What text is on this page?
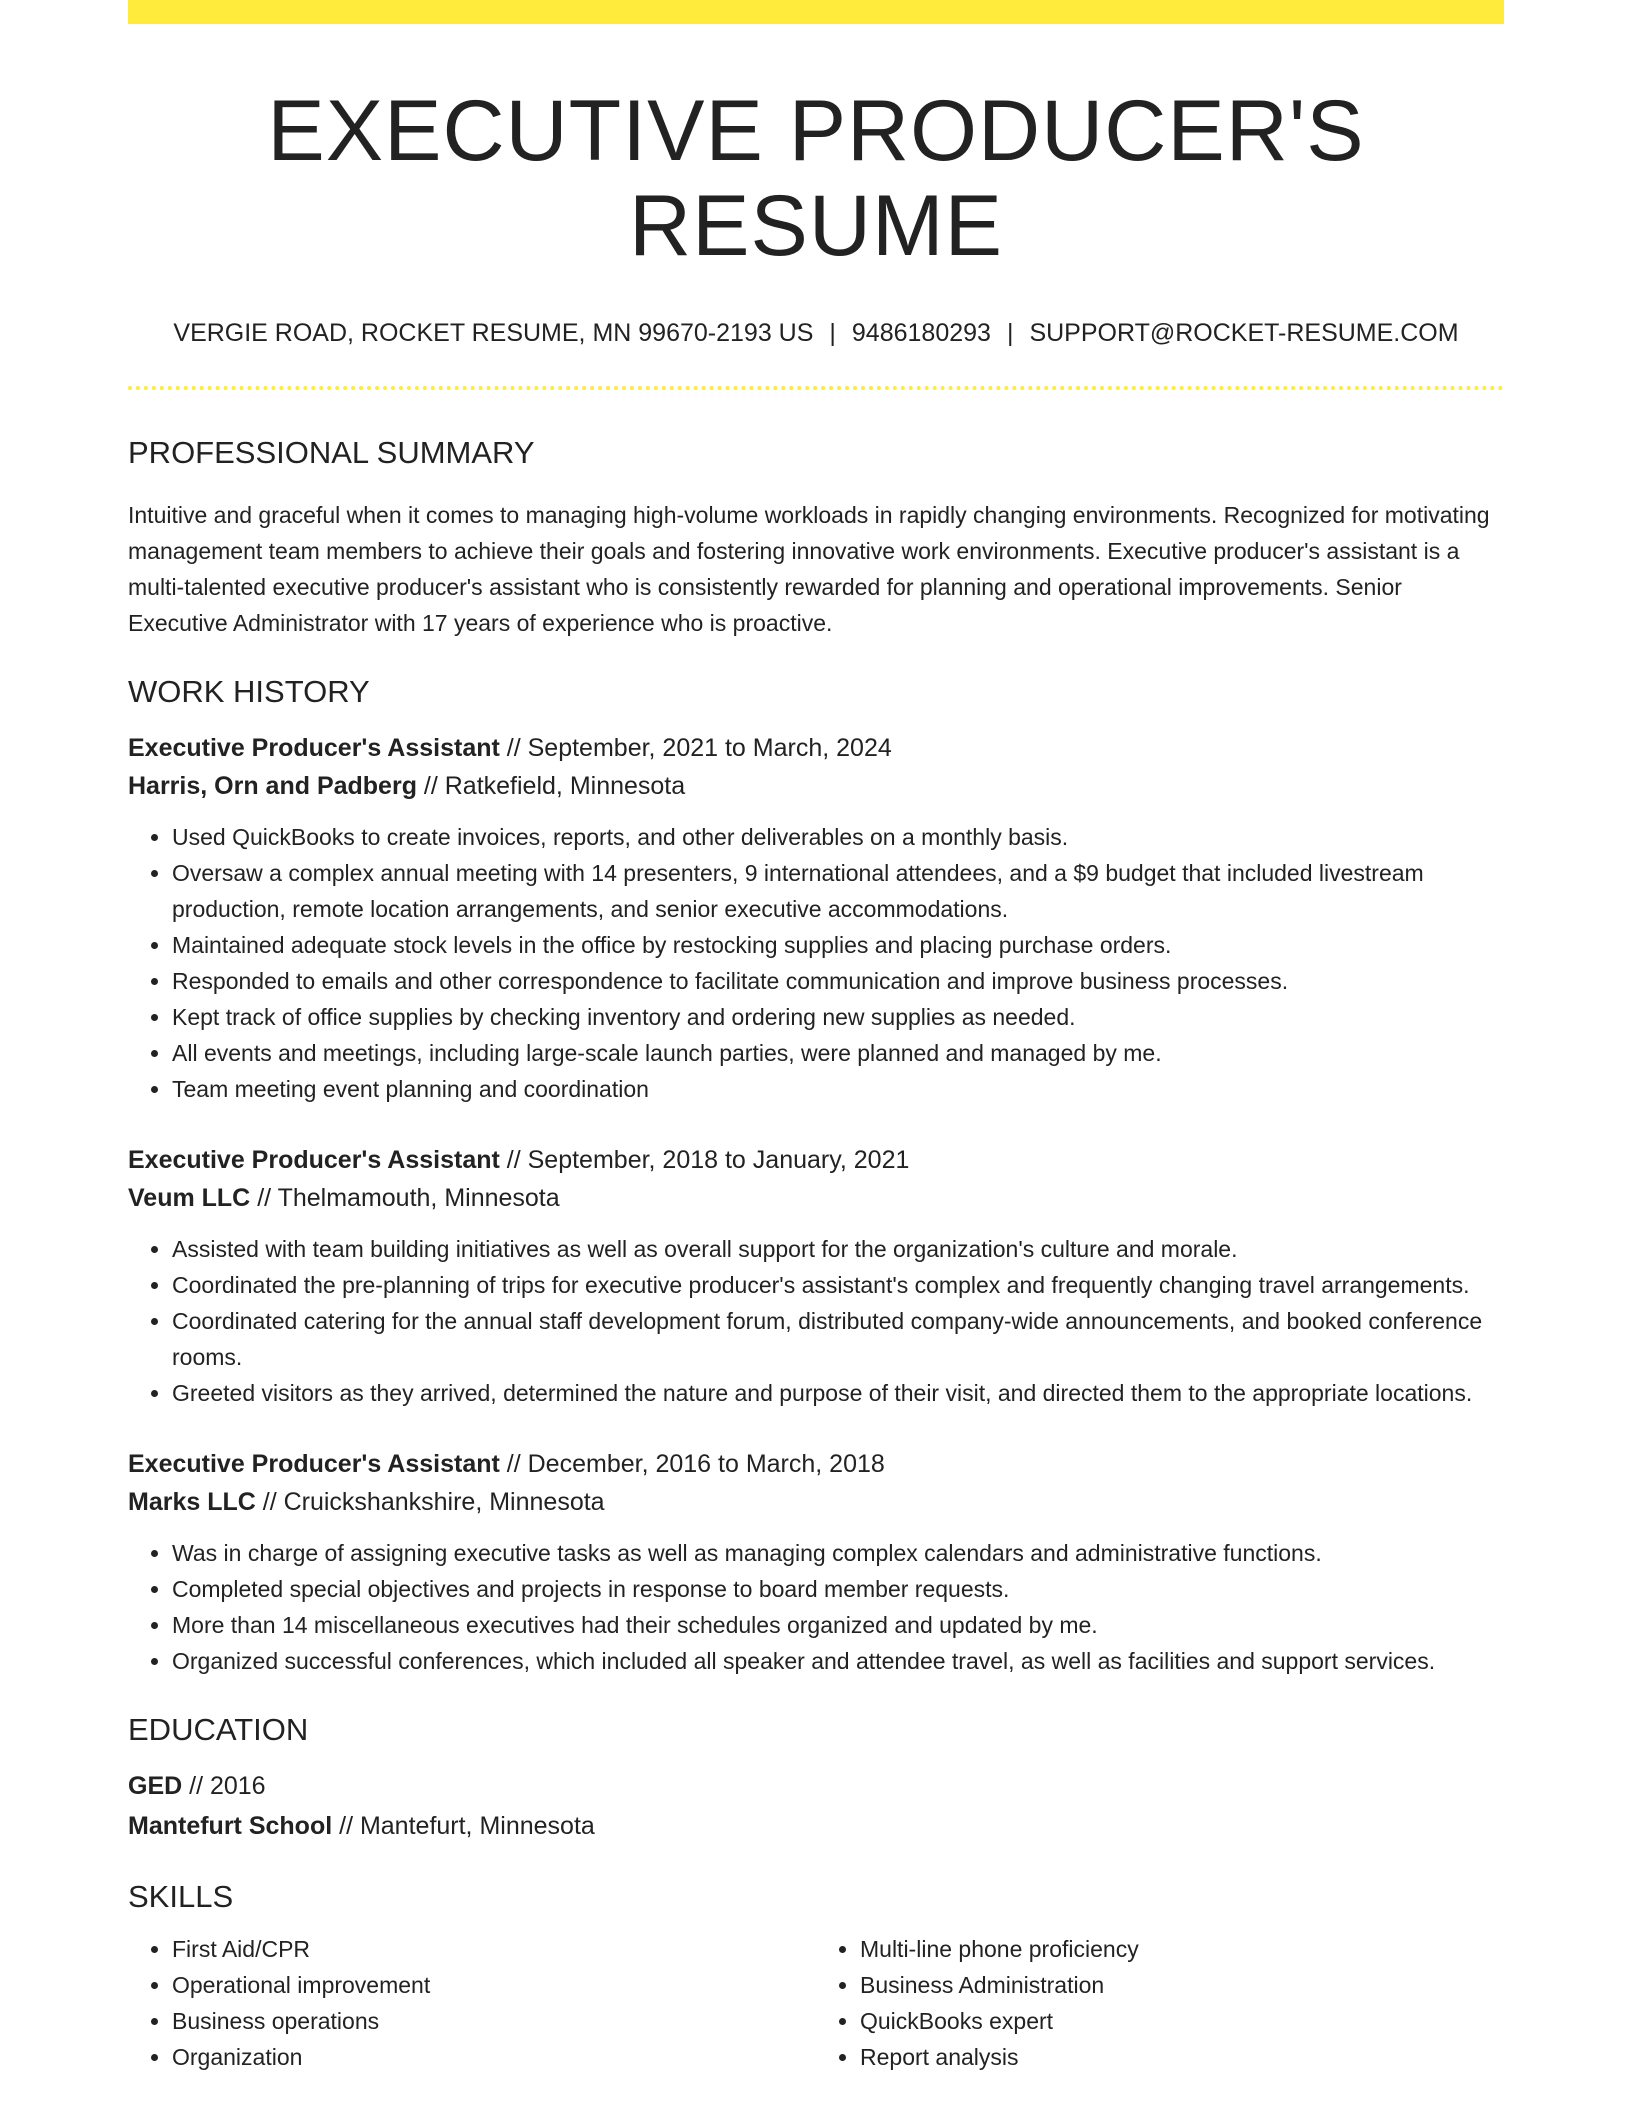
EXECUTIVE PRODUCER'S RESUME
VERGIE ROAD, ROCKET RESUME, MN 99670-2193 US | 9486180293 | SUPPORT@ROCKET-RESUME.COM
PROFESSIONAL SUMMARY

Intuitive and graceful when it comes to managing high-volume workloads in rapidly changing environments. Recognized for motivating management team members to achieve their goals and fostering innovative work environments. Executive producer's assistant is a multi-talented executive producer's assistant who is consistently rewarded for planning and operational improvements. Senior Executive Administrator with 17 years of experience who is proactive.

WORK HISTORY
Executive Producer's Assistant // September, 2021 to March, 2024
Harris, Orn and Padberg // Ratkefield, Minnesota
• Used QuickBooks to create invoices, reports, and other deliverables on a monthly basis.
• Oversaw a complex annual meeting with 14 presenters, 9 international attendees, and a $9 budget that included livestream production, remote location arrangements, and senior executive accommodations.
• Maintained adequate stock levels in the office by restocking supplies and placing purchase orders.
• Responded to emails and other correspondence to facilitate communication and improve business processes.
• Kept track of office supplies by checking inventory and ordering new supplies as needed.
• All events and meetings, including large-scale launch parties, were planned and managed by me.
• Team meeting event planning and coordination
Executive Producer's Assistant // September, 2018 to January, 2021
Veum LLC // Thelmamouth, Minnesota
• Assisted with team building initiatives as well as overall support for the organization's culture and morale.
• Coordinated the pre-planning of trips for executive producer's assistant's complex and frequently changing travel arrangements.
• Coordinated catering for the annual staff development forum, distributed company-wide announcements, and booked conference rooms.
• Greeted visitors as they arrived, determined the nature and purpose of their visit, and directed them to the appropriate locations.
Executive Producer's Assistant // December, 2016 to March, 2018
Marks LLC // Cruickshankshire, Minnesota
• Was in charge of assigning executive tasks as well as managing complex calendars and administrative functions.
• Completed special objectives and projects in response to board member requests.
• More than 14 miscellaneous executives had their schedules organized and updated by me.
• Organized successful conferences, which included all speaker and attendee travel, as well as facilities and support services.
EDUCATION
GED // 2016
Mantefurt School // Mantefurt, Minnesota
SKILLS
• First Aid/CPR
• Operational improvement
• Business operations
• Organization
• Multi-line phone proficiency
• Business Administration
• QuickBooks expert
• Report analysis
